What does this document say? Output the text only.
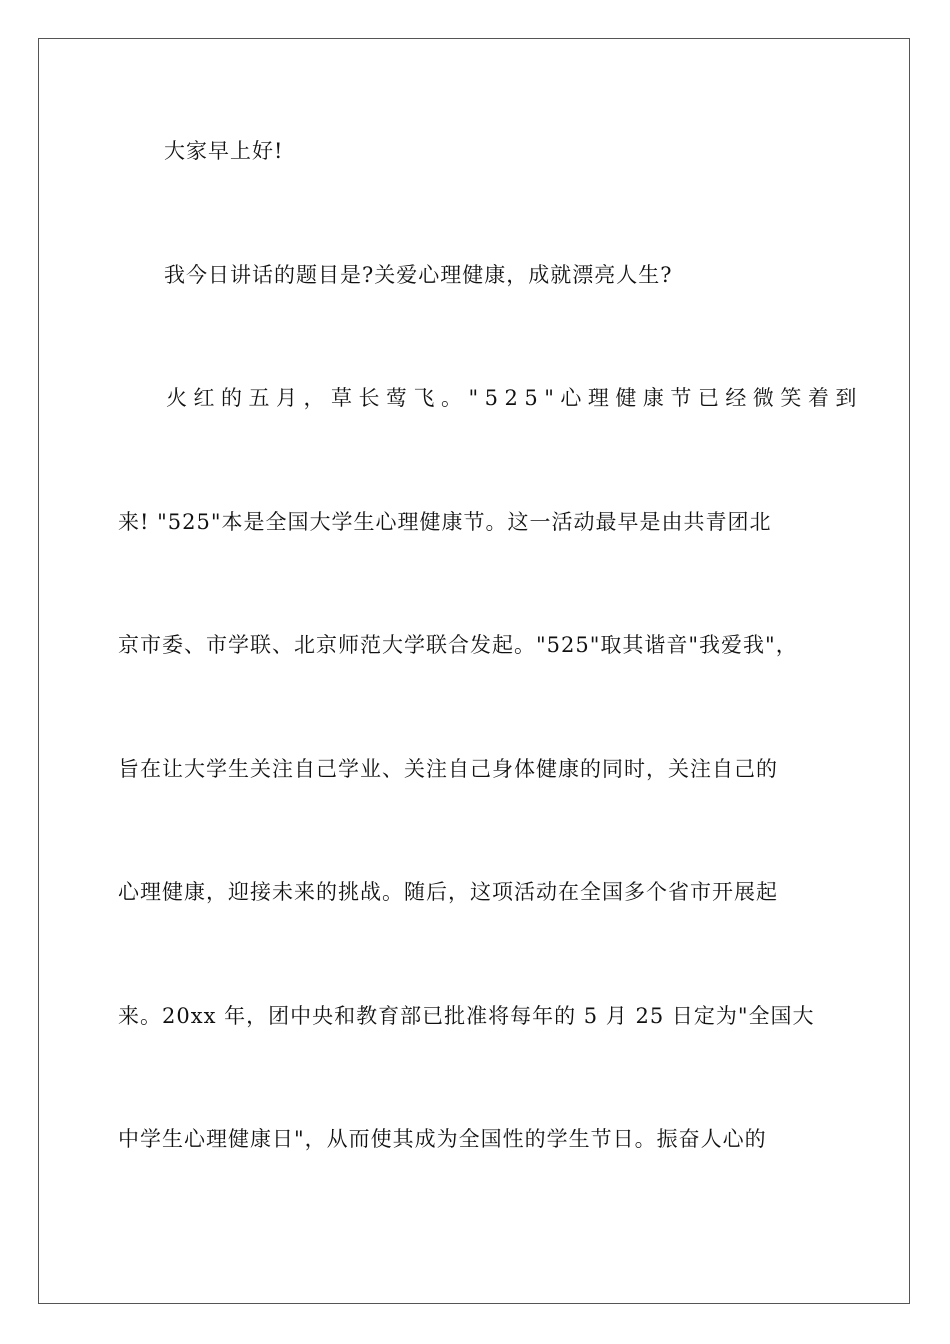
大家早上好!
我今日讲话的题目是?关爱心理健康，成就漂亮人生?
火红的五月，草长莺飞。"525"心理健康节已经微笑着到
来! "525"本是全国大学生心理健康节。这一活动最早是由共青团北
京市委、市学联、北京师范大学联合发起。"525"取其谐音"我爱我"，
旨在让大学生关注自己学业、关注自己身体健康的同时，关注自己的
心理健康，迎接未来的挑战。随后，这项活动在全国多个省市开展起
来。20xx 年，团中央和教育部已批准将每年的 5 月 25 日定为"全国大
中学生心理健康日"，从而使其成为全国性的学生节日。振奋人心的
